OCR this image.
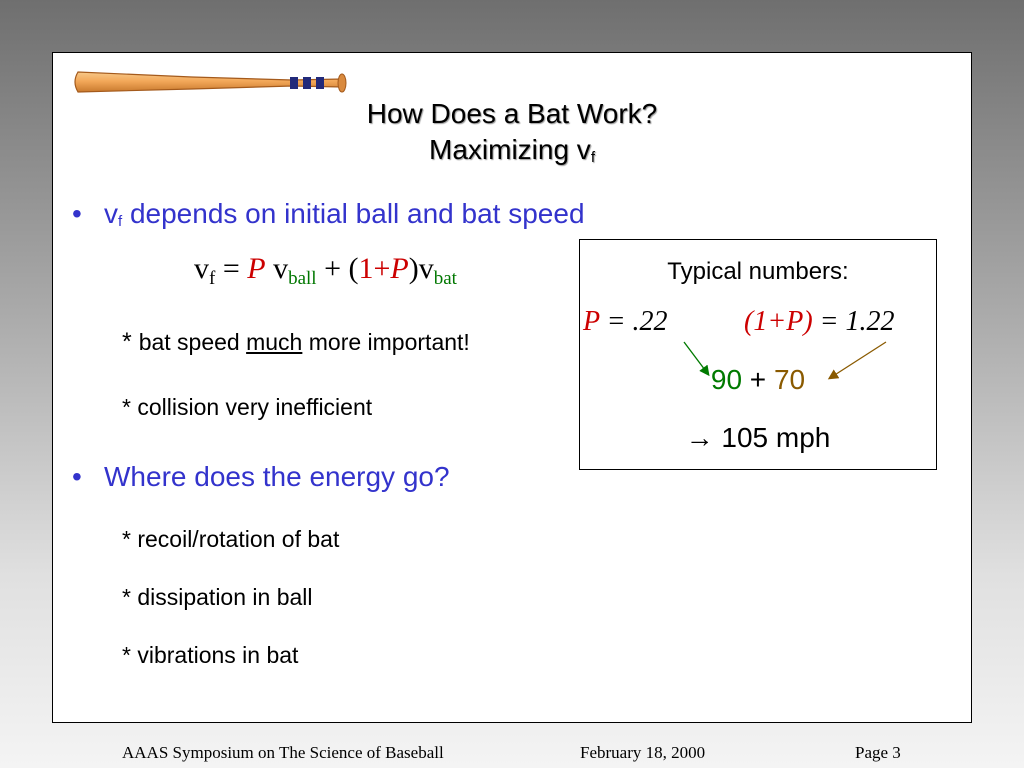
How Does a Bat Work?
Maximizing $v_f$
• $v_f$ depends on initial ball and bat speed
$v_f = P$ $v_{ball} + (1+P)v_{bat}$
* bat speed much more important!
* collision very inefficient
• Where does the energy go?
* recoil/rotation of bat
* dissipation in ball
* vibrations in bat
Typical numbers:
P = .22	(1+P) = 1.22
90 + 70
→ 105 mph
AAAS Symposium on The Science of Baseball	February 18, 2000	Page 3
